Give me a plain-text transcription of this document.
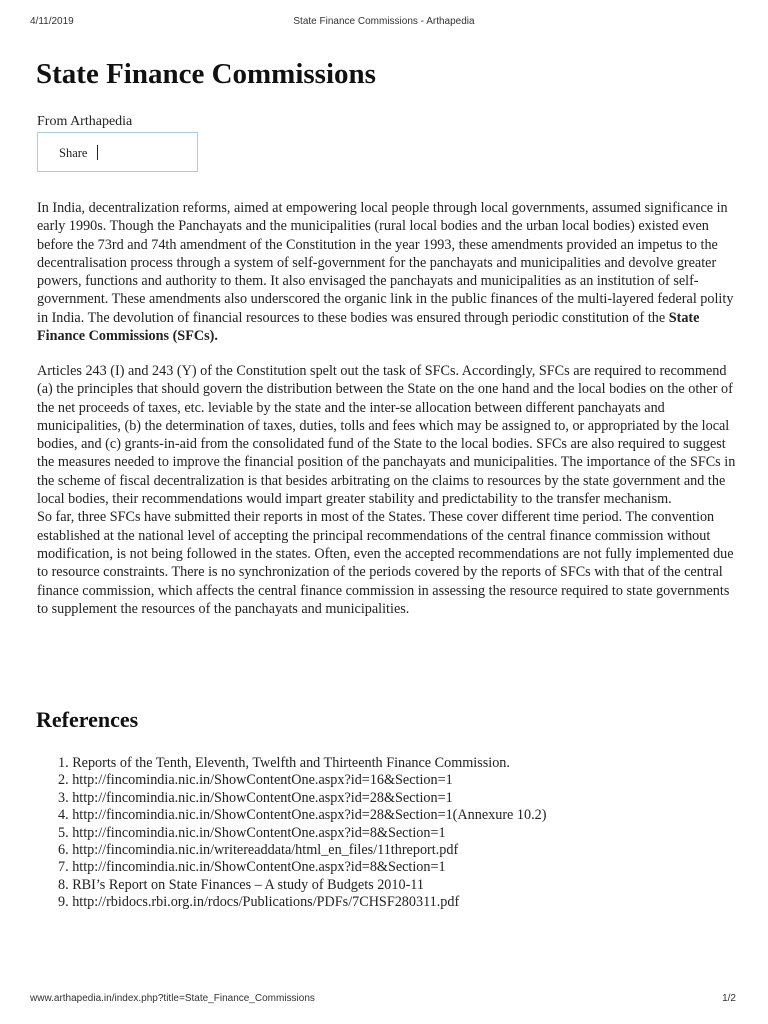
4/11/2019	State Finance Commissions - Arthapedia
State Finance Commissions
From Arthapedia
Share

In India, decentralization reforms, aimed at empowering local people through local governments, assumed significance in early 1990s. Though the Panchayats and the municipalities (rural local bodies and the urban local bodies) existed even before the 73rd and 74th amendment of the Constitution in the year 1993, these amendments provided an impetus to the decentralisation process through a system of self-government for the panchayats and municipalities and devolve greater powers, functions and authority to them. It also envisaged the panchayats and municipalities as an institution of self-government. These amendments also underscored the organic link in the public finances of the multi-layered federal polity in India. The devolution of financial resources to these bodies was ensured through periodic constitution of the State Finance Commissions (SFCs).

Articles 243 (I) and 243 (Y) of the Constitution spelt out the task of SFCs. Accordingly, SFCs are required to recommend (a) the principles that should govern the distribution between the State on the one hand and the local bodies on the other of the net proceeds of taxes, etc. leviable by the state and the inter-se allocation between different panchayats and municipalities, (b) the determination of taxes, duties, tolls and fees which may be assigned to, or appropriated by the local bodies, and (c) grants-in-aid from the consolidated fund of the State to the local bodies. SFCs are also required to suggest the measures needed to improve the financial position of the panchayats and municipalities. The importance of the SFCs in the scheme of fiscal decentralization is that besides arbitrating on the claims to resources by the state government and the local bodies, their recommendations would impart greater stability and predictability to the transfer mechanism.

So far, three SFCs have submitted their reports in most of the States. These cover different time period. The convention established at the national level of accepting the principal recommendations of the central finance commission without modification, is not being followed in the states. Often, even the accepted recommendations are not fully implemented due to resource constraints. There is no synchronization of the periods covered by the reports of SFCs with that of the central finance commission, which affects the central finance commission in assessing the resource required to state governments to supplement the resources of the panchayats and municipalities.

References
1. Reports of the Tenth, Eleventh, Twelfth and Thirteenth Finance Commission.
2. http://fincomindia.nic.in/ShowContentOne.aspx?id=16&Section=1
3. http://fincomindia.nic.in/ShowContentOne.aspx?id=28&Section=1
4. http://fincomindia.nic.in/ShowContentOne.aspx?id=28&Section=1(Annexure 10.2)
5. http://fincomindia.nic.in/ShowContentOne.aspx?id=8&Section=1
6. http://fincomindia.nic.in/writereaddata/html_en_files/11threport.pdf
7. http://fincomindia.nic.in/ShowContentOne.aspx?id=8&Section=1
8. RBI’s Report on State Finances – A study of Budgets 2010-11
9. http://rbidocs.rbi.org.in/rdocs/Publications/PDFs/7CHSF280311.pdf
www.arthapedia.in/index.php?title=State_Finance_Commissions	1/2
